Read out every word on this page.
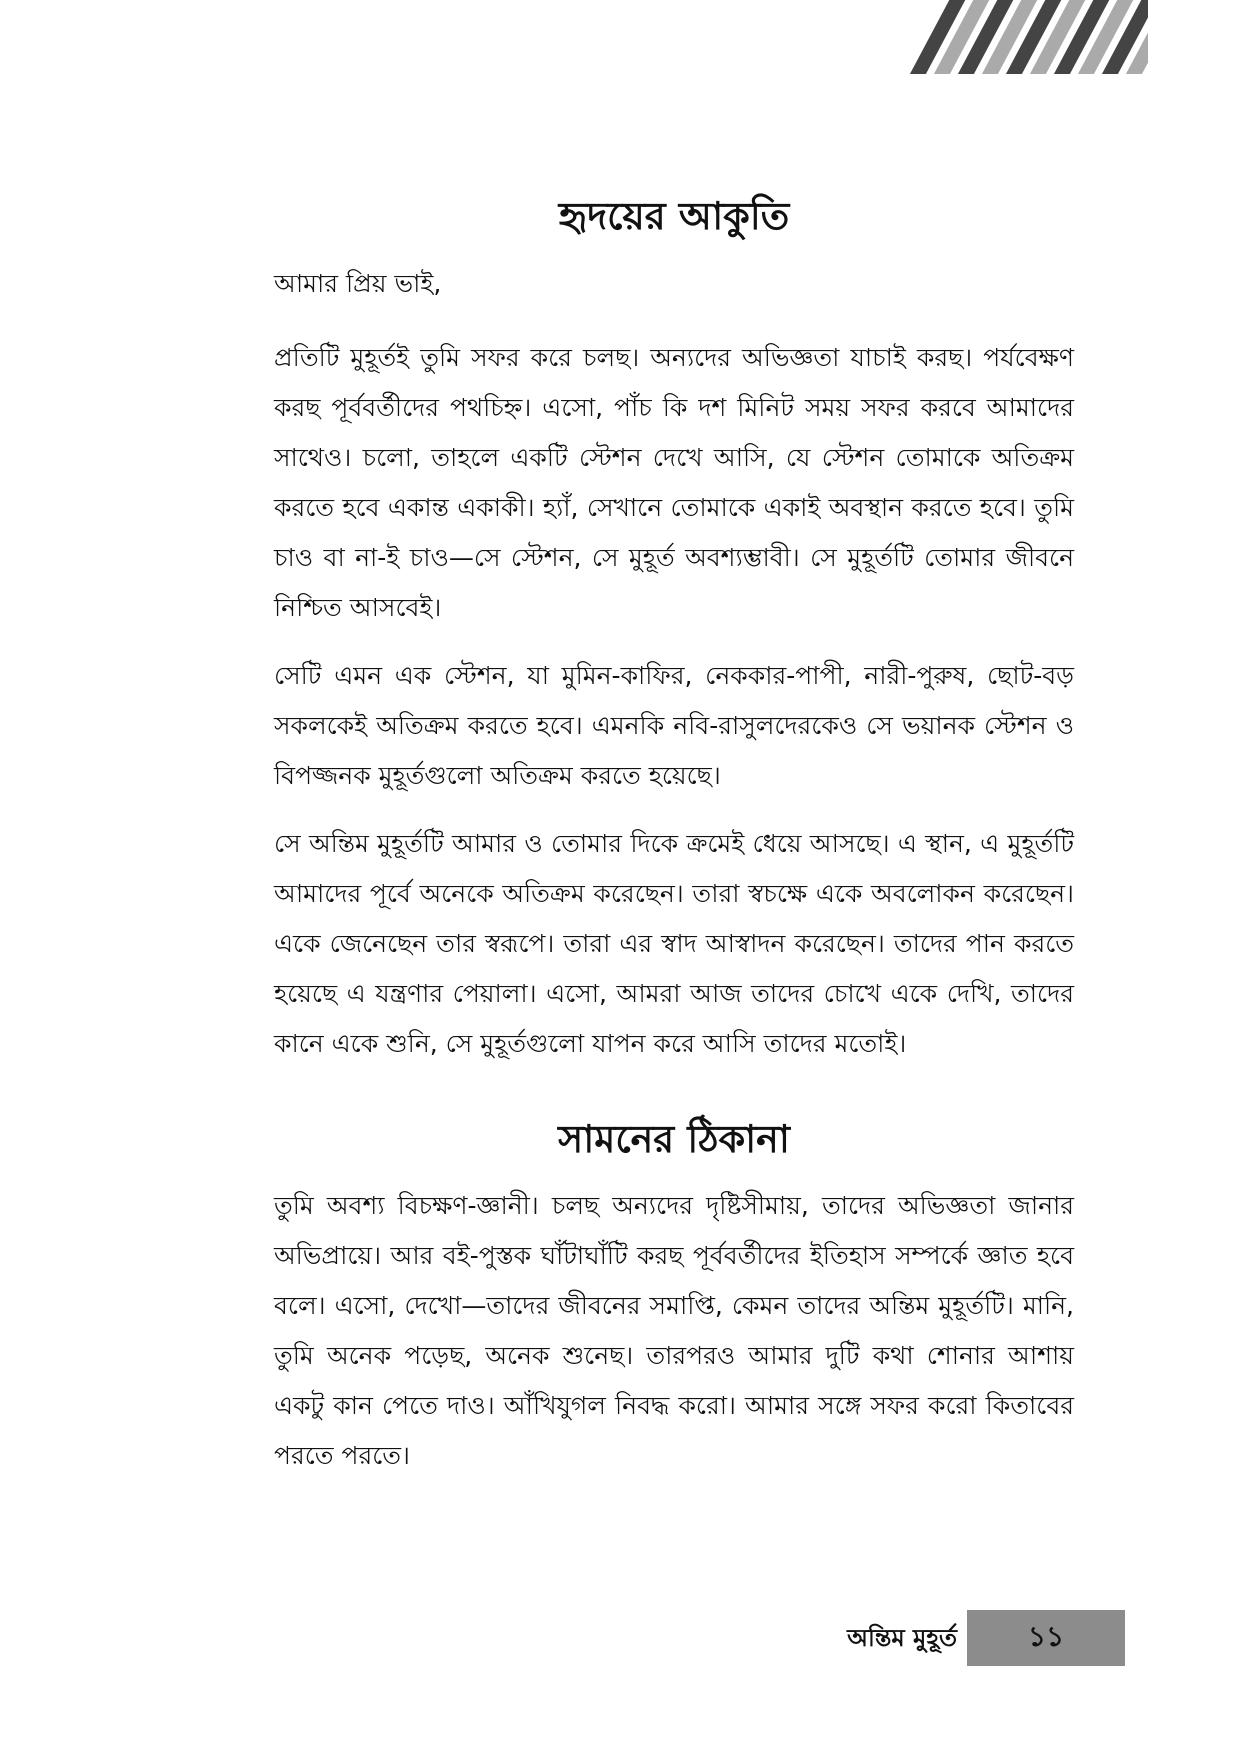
হৃদয়ের আকুতি

আমার প্রিয় ভাই,

প্রতিটি মুহূর্তই তুমি সফর করে চলছ। অন্যদের অভিজ্ঞতা যাচাই করছ। পর্যবেক্ষণ করছ পূর্ববর্তীদের পথচিহ্ন। এসো, পাঁচ কি দশ মিনিট সময় সফর করবে আমাদের সাথেও। চলো, তাহলে একটি স্টেশন দেখে আসি, যে স্টেশন তোমাকে অতিক্রম করতে হবে একান্ত একাকী। হ্যাঁ, সেখানে তোমাকে একাই অবস্থান করতে হবে। তুমি চাও বা না-ই চাও—সে স্টেশন, সে মুহূর্ত অবশ্যম্ভাবী। সে মুহূর্তটি তোমার জীবনে নিশ্চিত আসবেই।

সেটি এমন এক স্টেশন, যা মুমিন-কাফির, নেককার-পাপী, নারী-পুরুষ, ছোট-বড় সকলকেই অতিক্রম করতে হবে। এমনকি নবি-রাসুলদেরকেও সে ভয়ানক স্টেশন ও বিপজ্জনক মুহূর্তগুলো অতিক্রম করতে হয়েছে।

সে অন্তিম মুহূর্তটি আমার ও তোমার দিকে ক্রমেই ধেয়ে আসছে। এ স্থান, এ মুহূর্তটি আমাদের পূর্বে অনেকে অতিক্রম করেছেন। তারা স্বচক্ষে একে অবলোকন করেছেন। একে জেনেছেন তার স্বরূপে। তারা এর স্বাদ আস্বাদন করেছেন। তাদের পান করতে হয়েছে এ যন্ত্রণার পেয়ালা। এসো, আমরা আজ তাদের চোখে একে দেখি, তাদের কানে একে শুনি, সে মুহূর্তগুলো যাপন করে আসি তাদের মতোই।

সামনের ঠিকানা

তুমি অবশ্য বিচক্ষণ-জ্ঞানী। চলছ অন্যদের দৃষ্টিসীমায়, তাদের অভিজ্ঞতা জানার অভিপ্রায়ে। আর বই-পুস্তক ঘাঁটাঘাঁটি করছ পূর্ববর্তীদের ইতিহাস সম্পর্কে জ্ঞাত হবে বলে। এসো, দেখো—তাদের জীবনের সমাপ্তি, কেমন তাদের অন্তিম মুহূর্তটি। মানি, তুমি অনেক পড়েছ, অনেক শুনেছ। তারপরও আমার দুটি কথা শোনার আশায় একটু কান পেতে দাও। আঁখিযুগল নিবদ্ধ করো। আমার সঙ্গে সফর করো কিতাবের পরতে পরতে।

অন্তিম মুহূর্ত	১১
